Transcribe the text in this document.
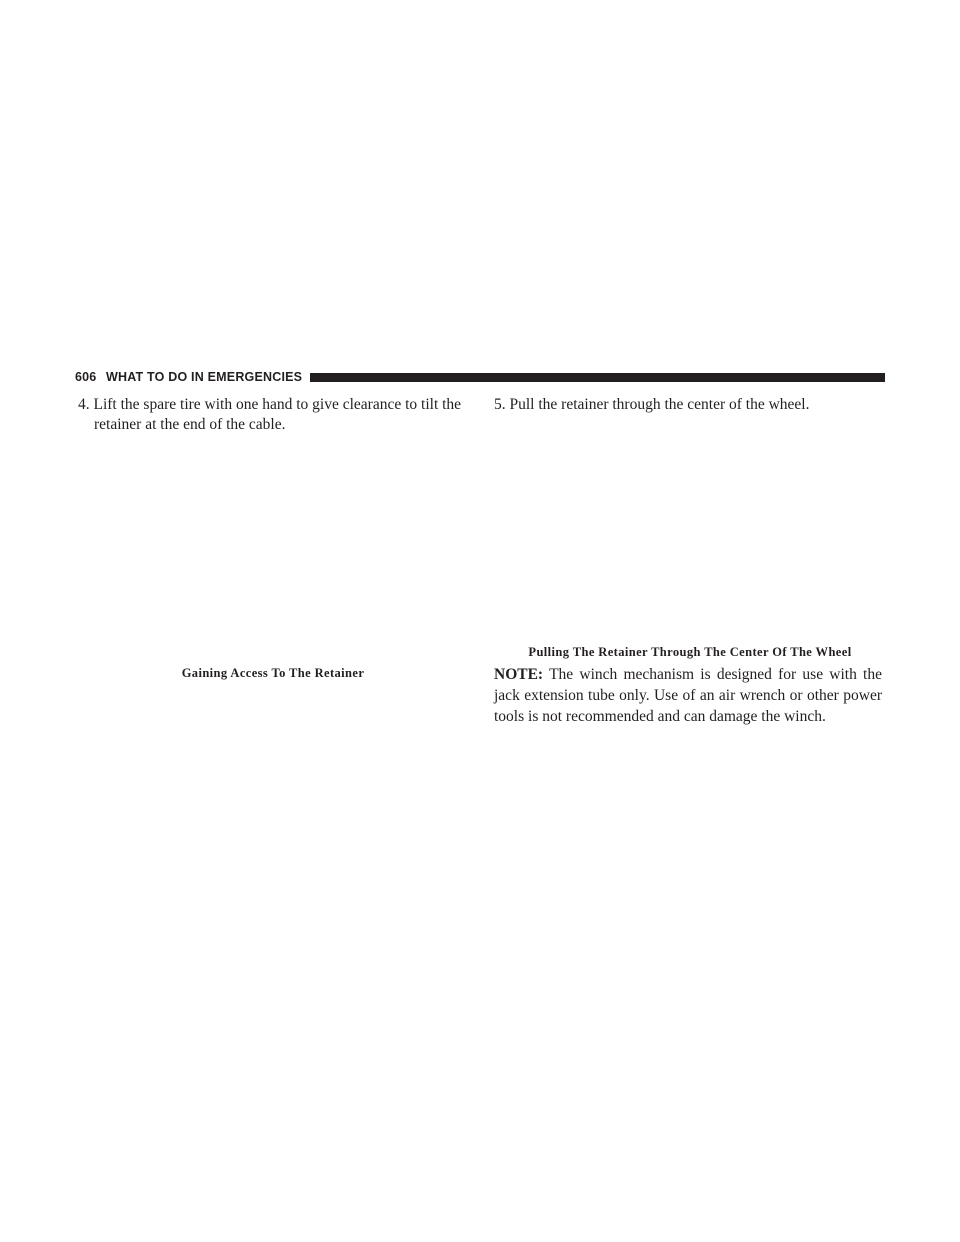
606 WHAT TO DO IN EMERGENCIES
4. Lift the spare tire with one hand to give clearance to tilt the retainer at the end of the cable.
5. Pull the retainer through the center of the wheel.
Gaining Access To The Retainer
Pulling The Retainer Through The Center Of The Wheel
NOTE: The winch mechanism is designed for use with the jack extension tube only. Use of an air wrench or other power tools is not recommended and can damage the winch.
